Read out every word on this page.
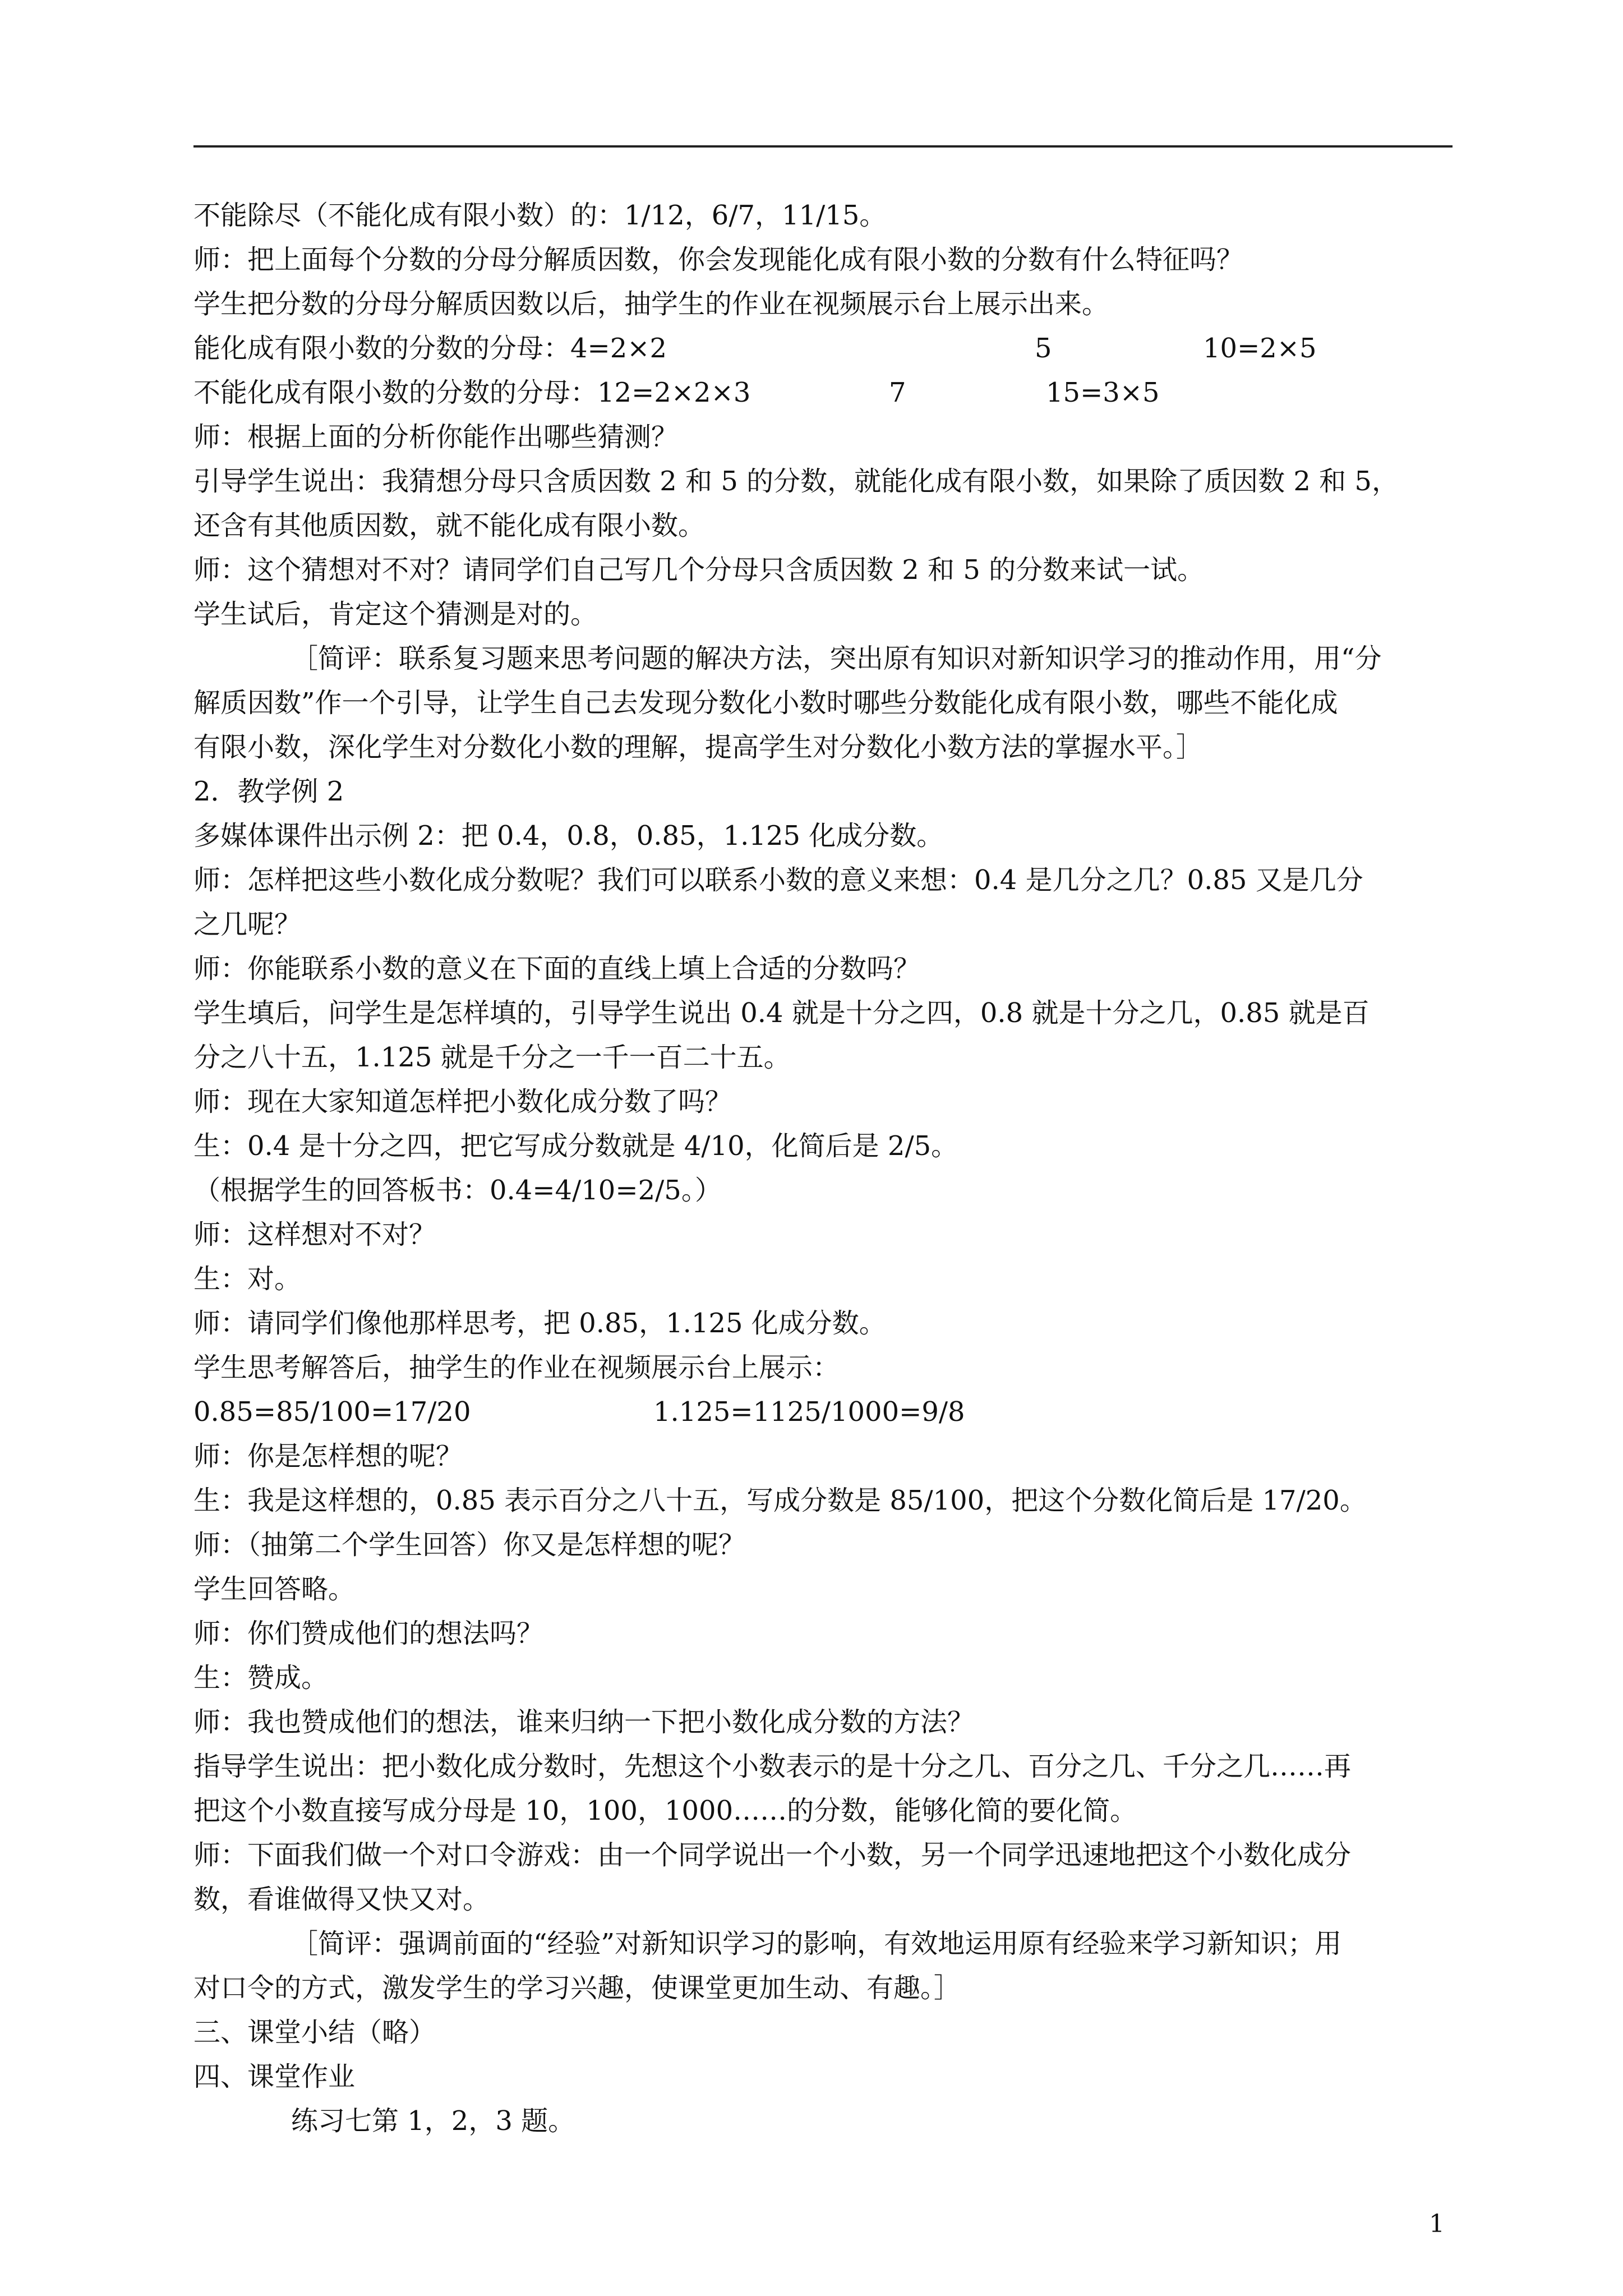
不能除尽（不能化成有限小数）的：1/12，6/7，11/15。
师：把上面每个分数的分母分解质因数，你会发现能化成有限小数的分数有什么特征吗？
学生把分数的分母分解质因数以后，抽学生的作业在视频展示台上展示出来。
能化成有限小数的分数的分母：4=2×2	5	10=2×5
不能化成有限小数的分数的分母：12=2×2×3	7	15=3×5
师：根据上面的分析你能作出哪些猜测？
引导学生说出：我猜想分母只含质因数 2 和 5 的分数，就能化成有限小数，如果除了质因数 2 和 5，
还含有其他质因数，就不能化成有限小数。
师：这个猜想对不对？请同学们自己写几个分母只含质因数 2 和 5 的分数来试一试。
学生试后，肯定这个猜测是对的。
［简评：联系复习题来思考问题的解决方法，突出原有知识对新知识学习的推动作用，用“分
解质因数”作一个引导，让学生自己去发现分数化小数时哪些分数能化成有限小数，哪些不能化成
有限小数，深化学生对分数化小数的理解，提高学生对分数化小数方法的掌握水平。］
2．教学例 2
多媒体课件出示例 2：把 0.4，0.8，0.85，1.125 化成分数。
师：怎样把这些小数化成分数呢？我们可以联系小数的意义来想：0.4 是几分之几？0.85 又是几分
之几呢？
师：你能联系小数的意义在下面的直线上填上合适的分数吗？
学生填后，问学生是怎样填的，引导学生说出 0.4 就是十分之四，0.8 就是十分之几，0.85 就是百
分之八十五，1.125 就是千分之一千一百二十五。
师：现在大家知道怎样把小数化成分数了吗？
生：0.4 是十分之四，把它写成分数就是 4/10，化简后是 2/5。
（根据学生的回答板书：0.4=4/10=2/5。）
师：这样想对不对？
生：对。
师：请同学们像他那样思考，把 0.85，1.125 化成分数。
学生思考解答后，抽学生的作业在视频展示台上展示：
0.85=85/100=17/20	1.125=1125/1000=9/8
师：你是怎样想的呢？
生：我是这样想的，0.85 表示百分之八十五，写成分数是 85/100，把这个分数化简后是 17/20。
师：（抽第二个学生回答）你又是怎样想的呢？
学生回答略。
师：你们赞成他们的想法吗？
生：赞成。
师：我也赞成他们的想法，谁来归纳一下把小数化成分数的方法？
指导学生说出：把小数化成分数时，先想这个小数表示的是十分之几、百分之几、千分之几……再
把这个小数直接写成分母是 10，100，1000……的分数，能够化简的要化简。
师：下面我们做一个对口令游戏：由一个同学说出一个小数，另一个同学迅速地把这个小数化成分
数，看谁做得又快又对。
［简评：强调前面的“经验”对新知识学习的影响，有效地运用原有经验来学习新知识；用
对口令的方式，激发学生的学习兴趣，使课堂更加生动、有趣。］
三、课堂小结（略）
四、课堂作业
练习七第 1，2，3 题。
1
